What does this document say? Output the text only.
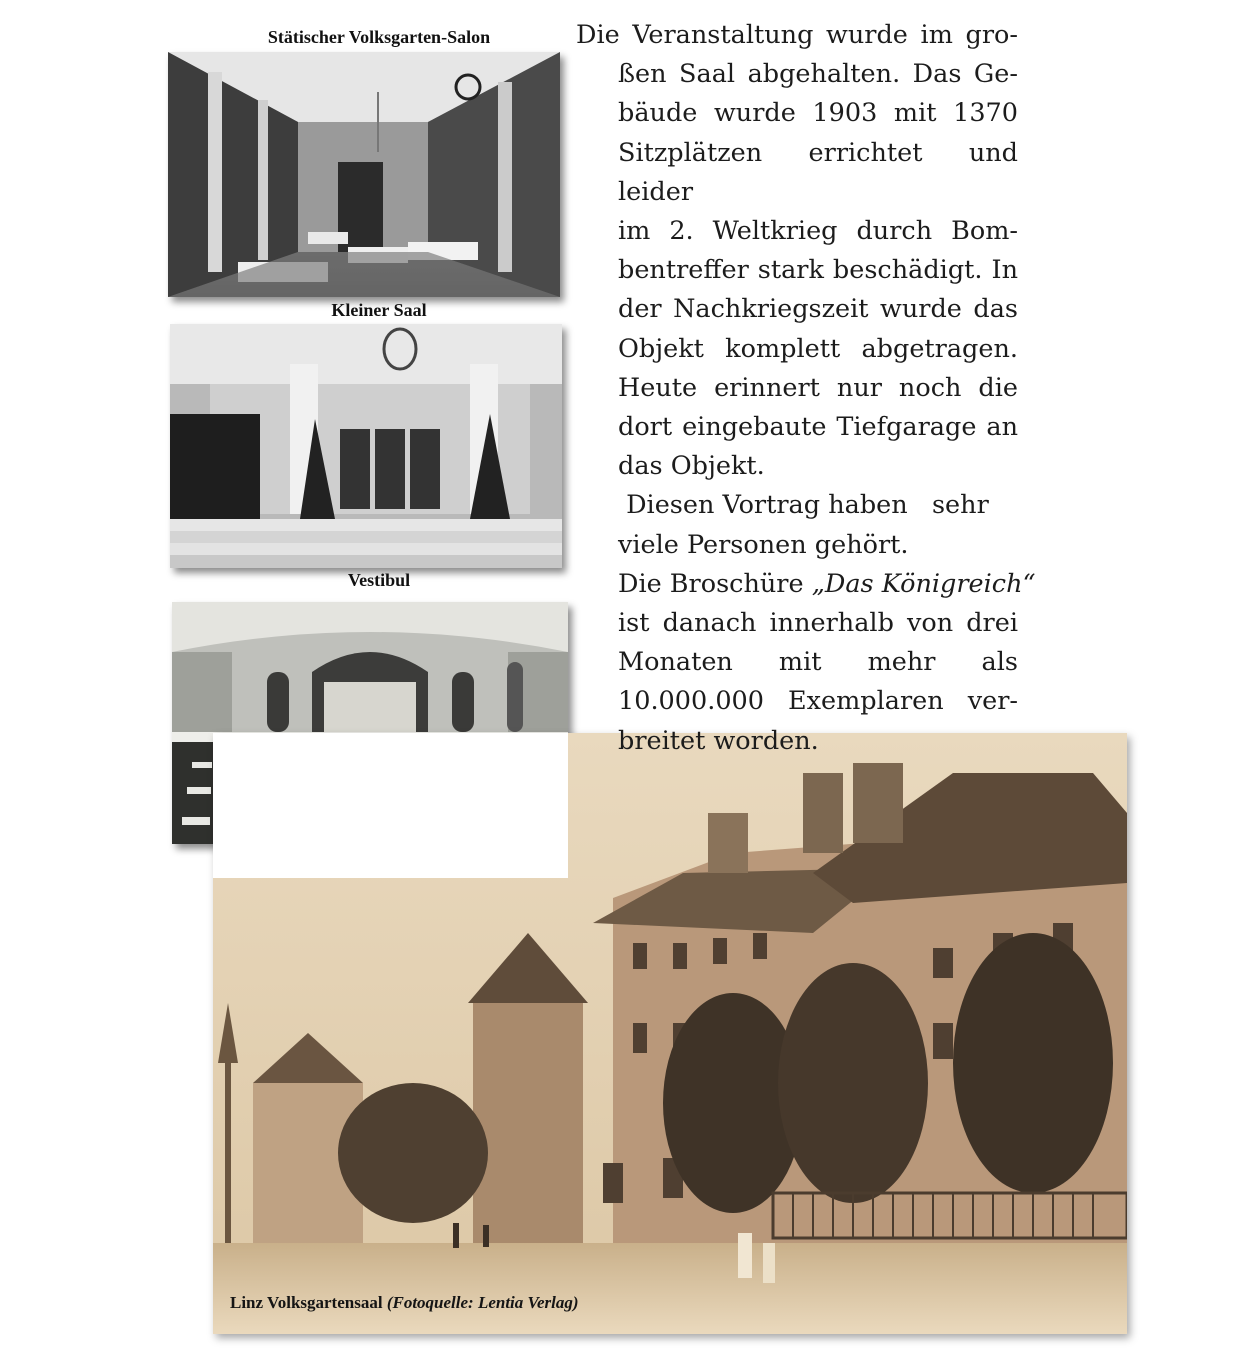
Stätischer Volksgarten-Salon
Kleiner Saal
Vestibul
Linz Volksgartensaal (Fotoquelle: Lentia Verlag)
Die Veranstaltung wurde im gro-
ßen Saal abgehalten. Das Ge-
bäude wurde 1903 mit 1370
Sitzplätzen errichtet und leider
im 2. Weltkrieg durch Bom-
bentreffer stark beschädigt. In
der Nachkriegszeit wurde das
Objekt komplett abgetragen.
Heute erinnert nur noch die
dort eingebaute Tiefgarage an
das Objekt.
Diesen Vortrag haben   sehr
viele Personen gehört.
Die Broschüre „Das Königreich“
ist danach innerhalb von drei
Monaten mit mehr als
10.000.000 Exemplaren ver-
breitet worden.
